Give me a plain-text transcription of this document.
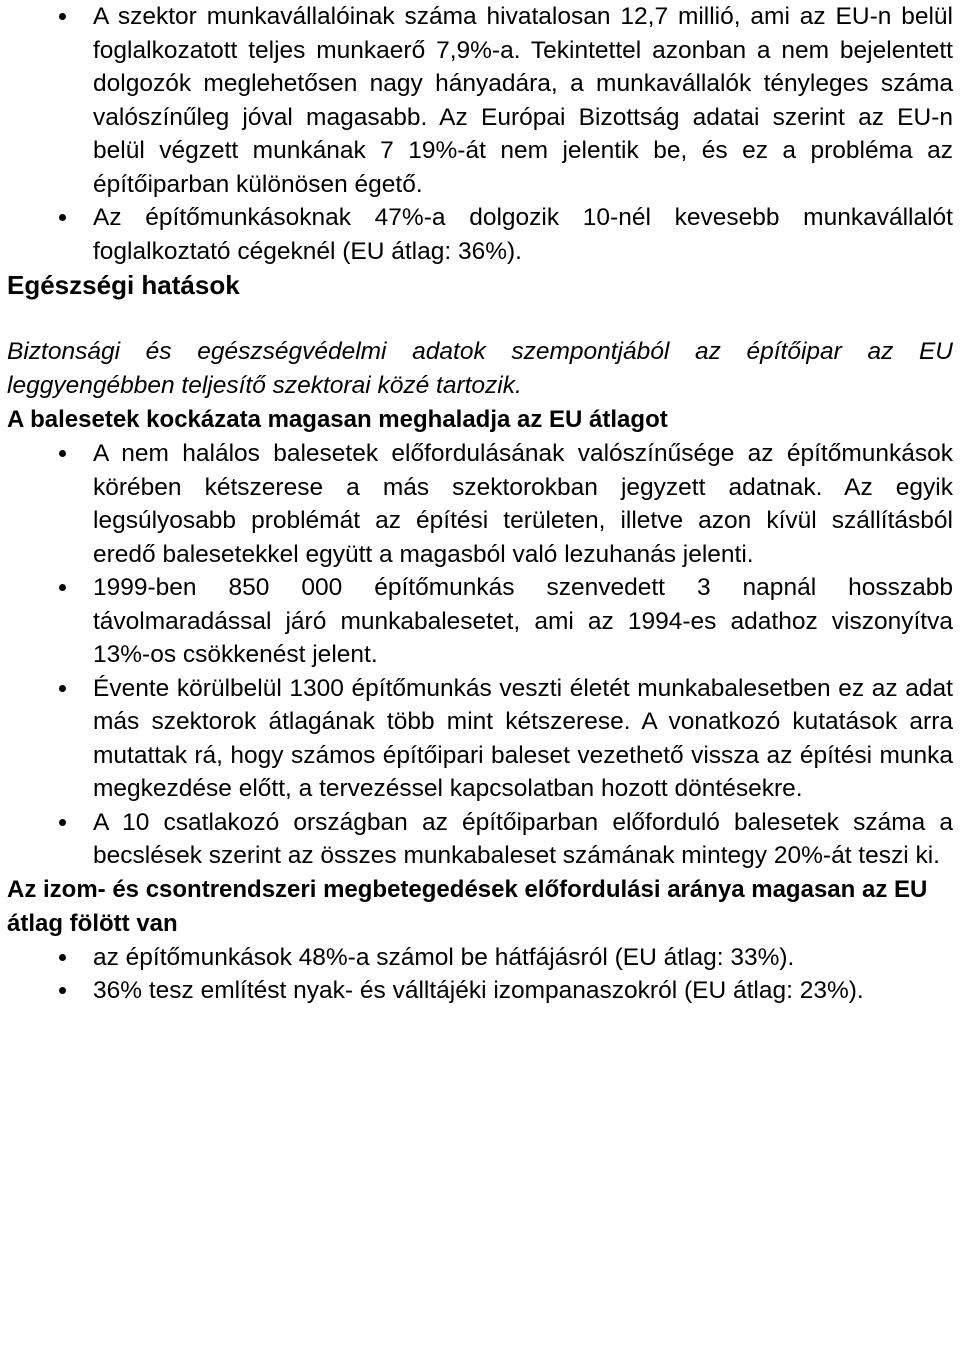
A szektor munkavállalóinak száma hivatalosan 12,7 millió, ami az EU-n belül foglalkozatott teljes munkaerő 7,9%-a. Tekintettel azonban a nem bejelentett dolgozók meglehetősen nagy hányadára, a munkavállalók tényleges száma valószínűleg jóval magasabb. Az Európai Bizottság adatai szerint az EU-n belül végzett munkának 7 19%-át nem jelentik be, és ez a probléma az építőiparban különösen égető.
Az építőmunkásoknak 47%-a dolgozik 10-nél kevesebb munkavállalót foglalkoztató cégeknél (EU átlag: 36%).
Egészségi hatások

Biztonsági és egészségvédelmi adatok szempontjából az építőipar az EU leggyengébben teljesítő szektorai közé tartozik.

A balesetek kockázata magasan meghaladja az EU átlagot
A nem halálos balesetek előfordulásának valószínűsége az építőmunkások körében kétszerese a más szektorokban jegyzett adatnak. Az egyik legsúlyosabb problémát az építési területen, illetve azon kívül szállításból eredő balesetekkel együtt a magasból való lezuhanás jelenti.
1999-ben 850 000 építőmunkás szenvedett 3 napnál hosszabb távolmaradással járó munkabalesetet, ami az 1994-es adathoz viszonyítva 13%-os csökkenést jelent.
Évente körülbelül 1300 építőmunkás veszti életét munkabalesetben ez az adat más szektorok átlagának több mint kétszerese. A vonatkozó kutatások arra mutattak rá, hogy számos építőipari baleset vezethető vissza az építési munka megkezdése előtt, a tervezéssel kapcsolatban hozott döntésekre.
A 10 csatlakozó országban az építőiparban előforduló balesetek száma a becslések szerint az összes munkabaleset számának mintegy 20%-át teszi ki.
Az izom- és csontrendszeri megbetegedések előfordulási aránya magasan az EU átlag fölött van
az építőmunkások 48%-a számol be hátfájásról (EU átlag: 33%).
36% tesz említést nyak- és válltájéki izompanaszokról (EU átlag: 23%).
